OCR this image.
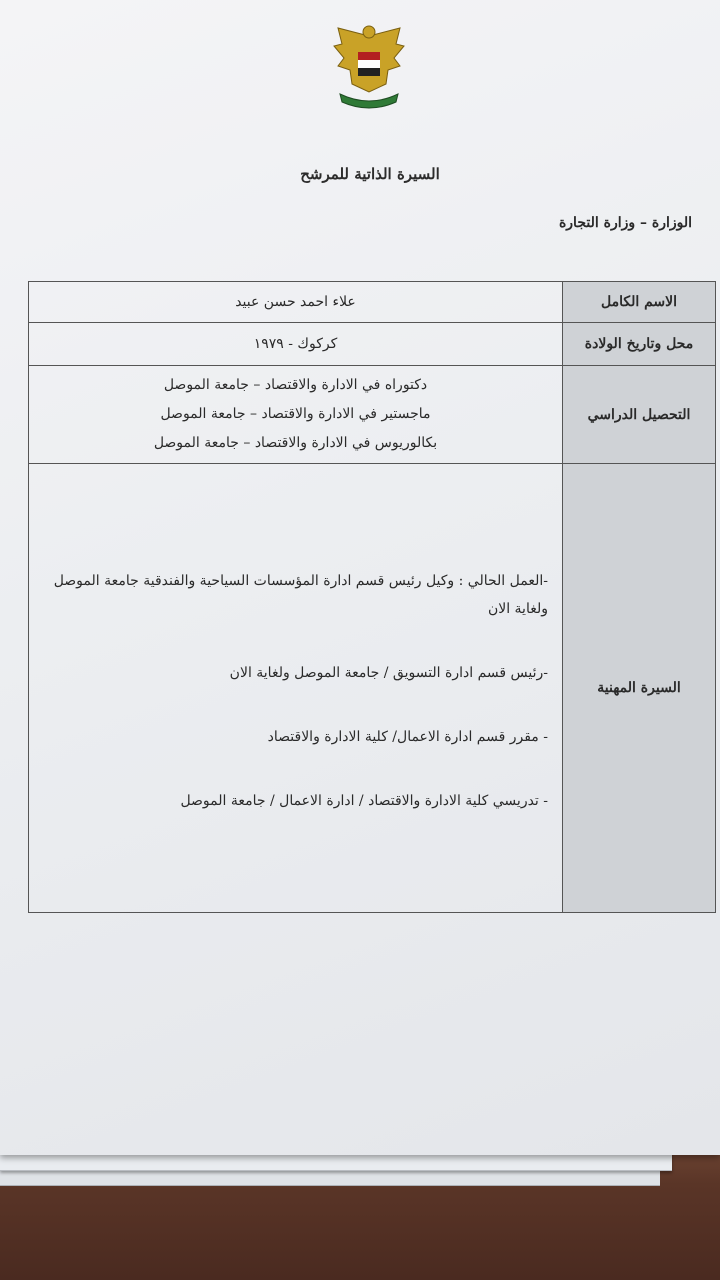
السيرة الذاتية للمرشح
الوزارة – وزارة التجارة
الاسم الكامل	علاء احمد حسن عبيد
محل وتاريخ الولادة	كركوك - ١٩٧٩
التحصيل الدراسي	دكتوراه في الادارة والاقتصاد – جامعة الموصل
ماجستير في الادارة والاقتصاد – جامعة الموصل
بكالوريوس في الادارة والاقتصاد – جامعة الموصل

السيرة المهنية	-العمل الحالي : وكيل رئيس قسم ادارة المؤسسات السياحية والفندقية جامعة الموصل ولغاية الان
-رئيس قسم ادارة التسويق / جامعة الموصل ولغاية الان
- مقرر قسم ادارة الاعمال/ كلية الادارة والاقتصاد
- تدريسي كلية الادارة والاقتصاد / ادارة الاعمال / جامعة الموصل
